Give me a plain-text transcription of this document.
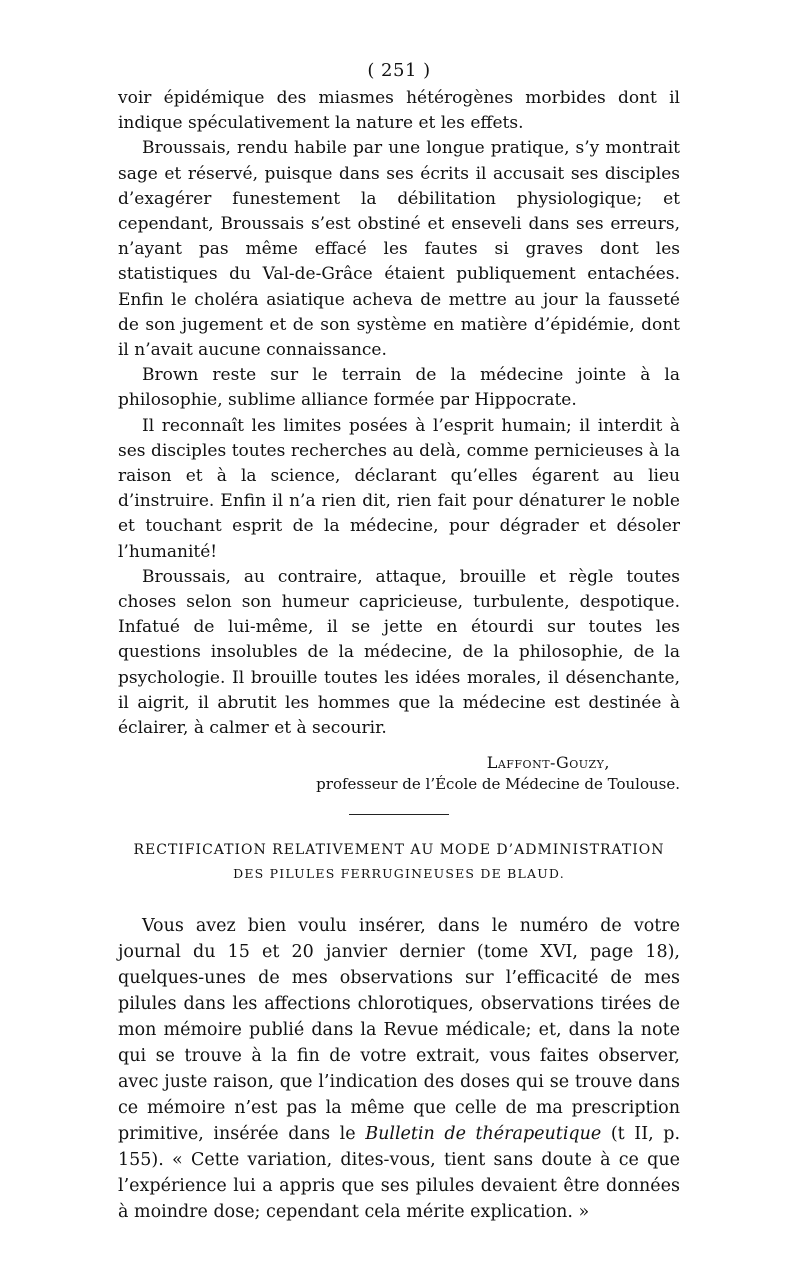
( 251 )

voir épidémique des miasmes hétérogènes morbides dont il indique spéculativement la nature et les effets.

Broussais, rendu habile par une longue pratique, s’y montrait sage et réservé, puisque dans ses écrits il accusait ses disciples d’exagérer funestement la débilitation physiologique; et cependant, Broussais s’est obstiné et enseveli dans ses erreurs, n’ayant pas même effacé les fautes si graves dont les statistiques du Val-de-Grâce étaient publiquement entachées. Enfin le choléra asiatique acheva de mettre au jour la fausseté de son jugement et de son système en matière d’épidémie, dont il n’avait aucune connaissance.

Brown reste sur le terrain de la médecine jointe à la philosophie, sublime alliance formée par Hippocrate.

Il reconnaît les limites posées à l’esprit humain; il interdit à ses disciples toutes recherches au delà, comme pernicieuses à la raison et à la science, déclarant qu’elles égarent au lieu d’instruire. Enfin il n’a rien dit, rien fait pour dénaturer le noble et touchant esprit de la médecine, pour dégrader et désoler l’humanité!

Broussais, au contraire, attaque, brouille et règle toutes choses selon son humeur capricieuse, turbulente, despotique. Infatué de lui-même, il se jette en étourdi sur toutes les questions insolubles de la médecine, de la philosophie, de la psychologie. Il brouille toutes les idées morales, il désenchante, il aigrit, il abrutit les hommes que la médecine est destinée à éclairer, à calmer et à secourir.

Laffont-Gouzy,
professeur de l’École de Médecine de Toulouse.
RECTIFICATION RELATIVEMENT AU MODE D’ADMINISTRATION
DES PILULES FERRUGINEUSES DE BLAUD.

Vous avez bien voulu insérer, dans le numéro de votre journal du 15 et 20 janvier dernier (tome XVI, page 18), quelques-unes de mes observations sur l’efficacité de mes pilules dans les affections chlorotiques, observations tirées de mon mémoire publié dans la Revue médicale; et, dans la note qui se trouve à la fin de votre extrait, vous faites observer, avec juste raison, que l’indication des doses qui se trouve dans ce mémoire n’est pas la même que celle de ma prescription primitive, insérée dans le Bulletin de thérapeutique (t II, p. 155). « Cette variation, dites-vous, tient sans doute à ce que l’expérience lui a appris que ses pilules devaient être données à moindre dose; cependant cela mérite explication. »
